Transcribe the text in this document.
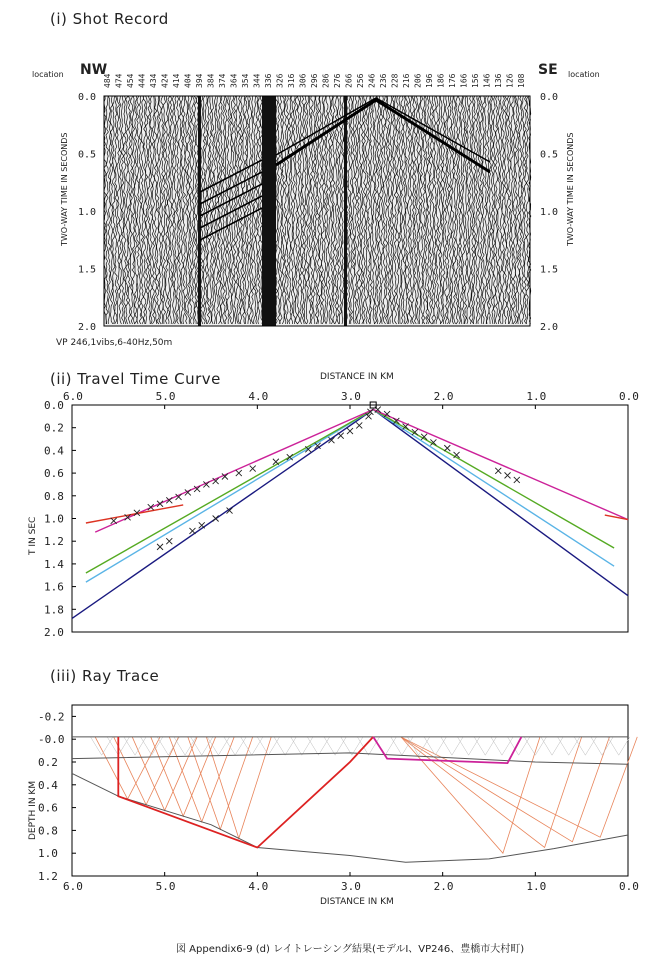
(i) Shot Record
NW	SE
location	location
TWO-WAY TIME IN SECONDS	TWO-WAY TIME IN SECONDS
VP 246,1vibs,6-40Hz,50m
0.0	0.0
0.5	0.5
1.0	1.0
1.5	1.5
2.0	2.0
484 474 454 444 434 424 414 404 394 384 374 364 354 344 336 326 316 306 296 286 276 266 256 246 236 228 216 206 196 186 176 166 156 146 136 126 108
(ii) Travel Time Curve	DISTANCE IN KM
T IN SEC
6.0	5.0	4.0	3.0	2.0	1.0	0.0
0.0
0.2
0.4
0.6
0.8
1.0
1.2
1.4
1.6
1.8
2.0
(iii) Ray Trace
DEPTH IN KM
DISTANCE IN KM
6.0	5.0	4.0	3.0	2.0	1.0	0.0
-0.2
-0.0
0.2
0.4
0.6
0.8
1.0
1.2
図 Appendix6-9 (d) レイトレーシング結果(モデルⅠ、VP246、豊橋市大村町)
